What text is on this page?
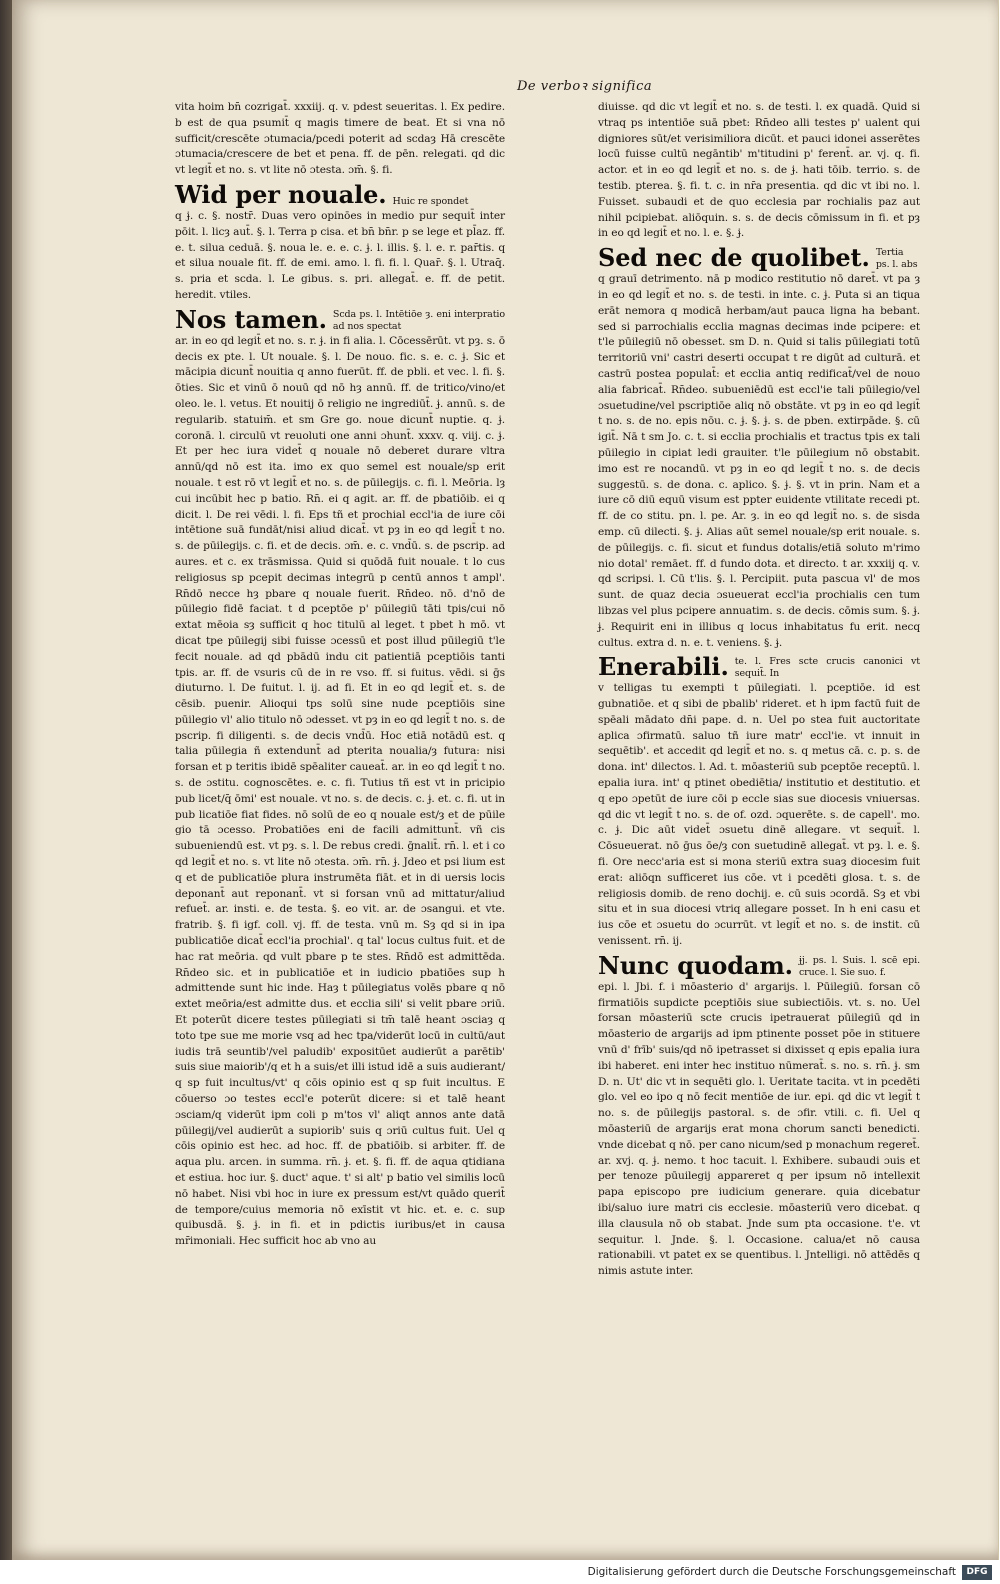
De verboꝛ significa

vita hoim bn̄ cozrigat̄. xxxiij. q. v. pdest seueritas. l. Ex pedire. b est de qua psumit̄ q magis timere de beat. Et si vna nō sufficit/crescēte ɔtumacia/pcedi poterit ad scdaȝ Hā crescēte ɔtumacia/crescere de bet et pena. ff. de pēn. relegati. qd dic vt legit̄ et no. s. vt lite nō ɔtesta. ɔm̄. §. fi.

Wid per nouale. Huic re spondet

q ɉ. c. §. nostr̄. Duas vero opinōes in medio pur sequit̄ inter pōit. l. licȝ aut̄. §. l. Terra p cisa. et bn̄ bn̄r. p se lege et pl̄az. ff. e. t. silua ceduā. §. noua le. e. e. c. ɉ. l. illis. §. l. e. r. par̄tis. q et silua nouale fit. ff. de emi. amo. l. fi. fi. l. Quar̄. §. l. Utraq̄. s. pria et scda. l. Le gibus. s. pri. allegat̄. e. ff. de petit. heredit. vtiles.

Nos tamen. Scda ps. l. Intētiōe ȝ. eni interpratio ad nos spectat

ar. in eo qd legit̄ et no. s. r. ɉ. in fi alia. l. Cōcessērūt. vt pȝ. s. ō decis ex pte. l. Ut nouale. §. l. De nouo. fic. s. e. c. ɉ. Sic et mācipia dicunt̄ nouitia q anno fuerūt. ff. de pbli. et vec. l. fi. §. ōties. Sic et vinū ō nouū qd nō hȝ annū. ff. de tritico/vino/et oleo. le. l. vetus. Et nouitij ō religio ne ingrediūt̄. ɉ. annū. s. de regularib. statuim̄. et sm Gre go. noue dicunt̄ nuptie. q. ɉ. coronā. l. circulū vt reuoluti one anni ɔhunt̄. xxxv. q. viij. c. ɉ. Et per hec iura videt̄ q nouale nō deberet durare vltra annū/qd nō est ita. imo ex quo semel est nouale/sp erit nouale. t est rō vt legit̄ et no. s. de pūilegijs. c. fi. l. Meōria. lȝ cui incūbit hec p batio. Rn̄. ei q agit. ar. ff. de pbatiōib. ei q dicit. l. De rei vēdi. l. fi. Eps tñ et prochial eccl'ia de iure cōi intētione suā fundāt/nisi aliud dicat̄. vt pȝ in eo qd legit̄ t no. s. de pūilegijs. c. fi. et de decis. ɔm̄. e. c. vnd̄ū. s. de pscrip. ad aures. et c. ex trāsmissa. Quid si quōdā fuit nouale. t lo cus religiosus sp pcepit decimas integrū p centū annos t ampl'. Rn̄dō necce hȝ pbare q nouale fuerit. Rn̄deo. nō. d'nō de pūilegio fidē faciat. t d pceptōe p' pūilegiū tāti tpis/cui nō extat mēoia sȝ sufficit q hoc titulū al leget. t pbet h mō. vt dicat tpe pūilegij sibi fuisse ɔcessū et post illud pūilegiū t'le fecit nouale. ad qd pbādū indu cit patientiā pceptiōis tanti tpis. ar. ff. de vsuris cū de in re vso. ff. si fuitus. vēdi. si ḡs diuturno. l. De fuitut. l. ij. ad fi. Et in eo qd legit̄ et. s. de cēsib. puenir. Alioqui tps solū sine nude pceptiōis sine pūilegio vl' alio titulo nō ɔdesset. vt pȝ in eo qd legit̄ t no. s. de pscrip. fi diligenti. s. de decis vnd̄ū. Hoc etiā notādū est. q talia pūilegia ñ extendunt̄ ad pterita noualia/ȝ futura: nisi forsan et p teritis ibidē spēaliter caueat̄. ar. in eo qd legit̄ t no. s. de ɔstitu. cognoscētes. e. c. fi. Tutius tñ est vt in pricipio pub licet/q̄ ōmi' est nouale. vt no. s. de decis. c. ɉ. et. c. fi. ut in pub licatiōe fiat fides. nō solū de eo q nouale est/ȝ et de pūile gio tā ɔcesso. Probatiōes eni de facili admittunt̄. vñ cis subueniendū est. vt pȝ. s. l. De rebus credi. ḡnalit̄. rn̄. l. et i co qd legit̄ et no. s. vt lite nō ɔtesta. ɔm̄. rn̄. ɉ. Jdeo et psi lium est q et de publicatiōe plura instrumēta fiāt. et in di uersis locis deponant̄ aut reponant̄. vt si forsan vnū ad mittatur/aliud refuet̄. ar. insti. e. de testa. §. eo vit. ar. de ɔsangui. et vte. fratrib. §. fi igf. coll. vj. ff. de testa. vnū m. Sȝ qd si in ipa publicatiōe dicat̄ eccl'ia prochial'. q tal' locus cultus fuit. et de hac rat meōria. qd vult pbare p te stes. Rn̄dō est admittēda. Rn̄deo sic. et in publicatiōe et in iudicio pbatiōes sup h admittende sunt hic inde. Haȝ t pūilegiatus volēs pbare q nō extet meōria/est admitte dus. et ecclia sili' si velit pbare ɔriū. Et poterūt dicere testes pūilegiati si tm̄ talē heant ɔsciaȝ q toto tpe sue me morie vsq ad hec tpa/viderūt locū in cultū/aut iudis trā seuntib'/vel paludib' expositūet audierūt a parētib' suis siue maiorib'/q et h a suis/et illi istud idē a suis audierant/ q sp fuit incultus/vt' q cōis opinio est q sp fuit incultus. E cōuerso ɔo testes eccl'e poterūt dicere: si et talē heant ɔsciam/q viderūt ipm coli p m'tos vl' aliqt annos ante datā pūilegij/vel audierūt a supiorib' suis q ɔriū cultus fuit. Uel q cōis opinio est hec. ad hoc. ff. de pbatiōib. si arbiter. ff. de aqua plu. arcen. in summa. rn̄. ɉ. et. §. fi. ff. de aqua qtidiana et estiua. hoc iur. §. duct' aque. t' si alt' p batio vel similis locū nō habet. Nisi vbi hoc in iure ex pressum est/vt quādo querit̄ de tempore/cuius memoria nō exīstit vt hic. et. e. c. sup quibusdā. §. ɉ. in fi. et in pdictis iuribus/et in causa mr̄imoniali. Hec sufficit hoc ab vno au

diuisse. qd dic vt legit̄ et no. s. de testi. l. ex quadā. Quid si vtraq ps intentiōe suā pbet: Rn̄deo alli testes p' ualent qui digniores sūt/et verisimiliora dicūt. et pauci idonei asserētes locū fuisse cultū negāntib' m'titudini p' ferent̄. ar. vj. q. fi. actor. et in eo qd legit̄ et no. s. de ɉ. hati tōib. terrio. s. de testib. pterea. §. fi. t. c. in nr̄a presentia. qd dic vt ibi no. l. Fuisset. subaudi et de quo ecclesia par rochialis paz aut nihil pcipiebat. aliōquin. s. s. de decis cōmissum in fi. et pȝ in eo qd legit̄ et no. l. e. §. ɉ.

Sed nec de quolibet. Tertia ps. l. abs

q grauī detrimento. nā p modico restitutio nō daret̄. vt pa ȝ in eo qd legit̄ et no. s. de testi. in inte. c. ɉ. Puta si an tiqua erāt nemora q modicā herbam/aut pauca ligna ha bebant. sed si parrochialis ecclia magnas decimas inde pcipere: et t'le pūilegiū nō obesset. sm D. n. Quid si talis pūilegiati totū territoriū vni' castri deserti occupat t re digūt ad culturā. et castrū postea populat̄: et ecclia antiq redificat̄/vel de nouo alia fabricat̄. Rn̄deo. subueniēdū est eccl'ie tali pūilegio/vel ɔsuetudine/vel pscriptiōe aliq nō obstāte. vt pȝ in eo qd legit̄ t no. s. de no. epis nōu. c. ɉ. §. ɉ. s. de pben. extirpāde. §. cū igit̄. Nā t sm Jo. c. t. si ecclia prochialis et tractus tpis ex tali pūilegio in cipiat ledi grauiter. t'le pūilegium nō obstabit. imo est re nocandū. vt pȝ in eo qd legit̄ t no. s. de decis suggestū. s. de dona. c. aplico. §. ɉ. §. vt in prin. Nam et a iure cō diū equū visum est ppter euidente vtilitate recedi pt. ff. de co stitu. pn. l. pe. Ar. ȝ. in eo qd legit̄ no. s. de sisda emp. cū dilecti. §. ɉ. Alias aūt semel nouale/sp erit nouale. s. de pūilegijs. c. fi. sicut et fundus dotalis/etiā soluto m'rimo nio dotal' remāet. ff. d fundo dota. et directo. t ar. xxxiij q. v. qd scripsi. l. Cū t'lis. §. l. Percipiit. puta pascua vl' de mos sunt. de quaz decia ɔsueuerat eccl'ia prochialis cen tum libzas vel plus pcipere annuatim. s. de decis. cōmis sum. §. ɉ. ɉ. Requirit eni in illibus q locus inhabitatus fu erit. necq cultus. extra d. n. e. t. veniens. §. ɉ.

Enerabili. te. l. Fres scte crucis canonici vt sequit̄. In

v telligas tu exempti t pūilegiati. l. pceptiōe. id est gubnatiōe. et q sibi de pbalib' rideret. et h ipm factū fuit de spēali mādato dn̄i pape. d. n. Uel po stea fuit auctoritate aplica ɔfirmatū. saluo tñ iure matr' eccl'ie. vt innuit in sequētib'. et accedit qd legit̄ et no. s. q metus cā. c. p. s. de dona. int' dilectos. l. Ad. t. mōasteriū sub pceptōe receptū. l. epalia iura. int' q ptinet obediētia/ institutio et destitutio. et q epo ɔpetūt de iure cōi p eccle sias sue diocesis vniuersas. qd dic vt legit̄ t no. s. de of. ozd. ɔquerēte. s. de capell'. mo. c. ɉ. Dic aūt videt̄ ɔsuetu dinē allegare. vt sequit̄. l. Cōsueuerat. nō ḡus ōe/ȝ con suetudinē allegat̄. vt pȝ. l. e. §. fi. Ore necc'aria est si mona steriū extra suaȝ diocesim fuit erat: aliōqn sufficeret ius cōe. vt i pcedēti glosa. t. s. de religiosis domib. de reno dochij. e. cū suis ɔcordā. Sȝ et vbi situ et in sua diocesi vtriq allegare posset. In h eni casu et ius cōe et ɔsuetu do ɔcurrūt. vt legit̄ et no. s. de instit. cū venissent. rn̄. ij.

Nunc quodam. ɉj. ps. l. Suis. l. scē epi. cruce. l. Sie suo. f.

epi. l. Jbi. f. i mōasterio d' argarijs. l. Pūilegiū. forsan cō firmatiōis supdicte pceptiōis siue subiectiōis. vt. s. no. Uel forsan mōasteriū scte crucis ipetrauerat pūilegiū qd in mōasterio de argarijs ad ipm ptinente posset pōe in stituere vnū d' frīb' suis/qd nō ipetrasset si dixisset q epis epalia iura ibi haberet. eni inter hec instituo nūmerat̄. s. no. s. rn̄. ɉ. sm D. n. Ut' dic vt in sequēti glo. l. Ueritate tacita. vt in pcedēti glo. vel eo ipo q nō fecit mentiōe de iur. epi. qd dic vt legit̄ t no. s. de pūilegijs pastoral. s. de ɔfir. vtili. c. fi. Uel q mōasteriū de argarijs erat mona chorum sancti benedicti. vnde dicebat q nō. per cano nicum/sed p monachum regeret̄. ar. xvj. q. ɉ. nemo. t hoc tacuit. l. Exhibere. subaudi ɔuis et per tenoze pūuilegij appareret q per ipsum nō intellexit papa episcopo pre iudicium generare. quia dicebatur ibi/saluo iure matri cis ecclesie. mōasteriū vero dicebat. q illa clausula nō ob stabat. Jnde sum pta occasione. t'e. vt sequitur. l. Jnde. §. l. Occasione. calua/et nō causa rationabili. vt patet ex se quentibus. l. Jntelligi. nō attēdēs q nimis astute inter.

Digitalisierung gefördert durch die Deutsche Forschungsgemeinschaft	DFG
